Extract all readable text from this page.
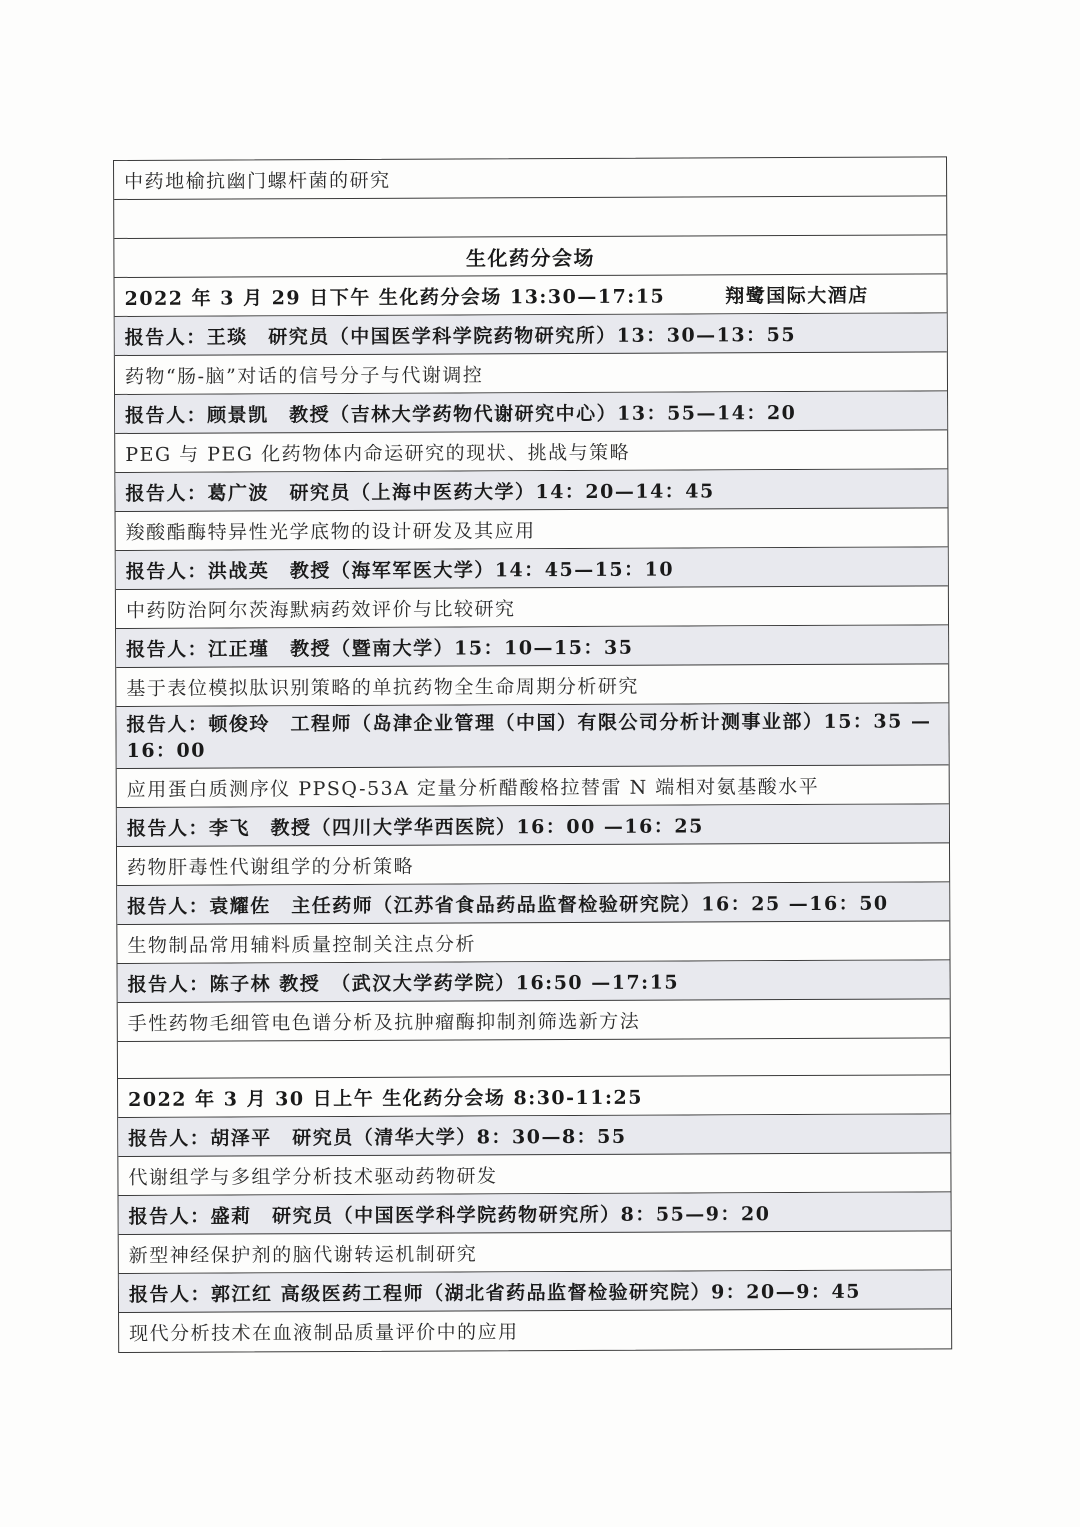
中药地榆抗幽门螺杆菌的研究
生化药分会场
2022 年 3 月 29 日下午 生化药分会场 13:30—17:15	翔鹭国际大酒店
报告人：王琰　研究员（中国医学科学院药物研究所）13：30—13：55
药物“肠-脑”对话的信号分子与代谢调控
报告人：顾景凯　教授（吉林大学药物代谢研究中心）13：55—14：20
PEG 与 PEG 化药物体内命运研究的现状、挑战与策略
报告人：葛广波　研究员（上海中医药大学）14：20—14：45
羧酸酯酶特异性光学底物的设计研发及其应用
报告人：洪战英　教授（海军军医大学）14：45—15：10
中药防治阿尔茨海默病药效评价与比较研究
报告人：江正瑾　教授（暨南大学）15：10—15：35
基于表位模拟肽识别策略的单抗药物全生命周期分析研究
报告人：顿俊玲　工程师（岛津企业管理（中国）有限公司分析计测事业部）15：35 —16：00
应用蛋白质测序仪 PPSQ-53A 定量分析醋酸格拉替雷 N 端相对氨基酸水平
报告人：李飞　教授（四川大学华西医院）16：00 —16：25
药物肝毒性代谢组学的分析策略
报告人：袁耀佐　主任药师（江苏省食品药品监督检验研究院）16：25 —16：50
生物制品常用辅料质量控制关注点分析
报告人：陈子林 教授　（武汉大学药学院）16:50 —17:15
手性药物毛细管电色谱分析及抗肿瘤酶抑制剂筛选新方法
2022 年 3 月 30 日上午 生化药分会场 8:30-11:25
报告人：胡泽平　研究员（清华大学）8：30—8：55
代谢组学与多组学分析技术驱动药物研发
报告人：盛莉　研究员（中国医学科学院药物研究所）8：55—9：20
新型神经保护剂的脑代谢转运机制研究
报告人：郭江红 高级医药工程师（湖北省药品监督检验研究院）9：20—9：45
现代分析技术在血液制品质量评价中的应用
